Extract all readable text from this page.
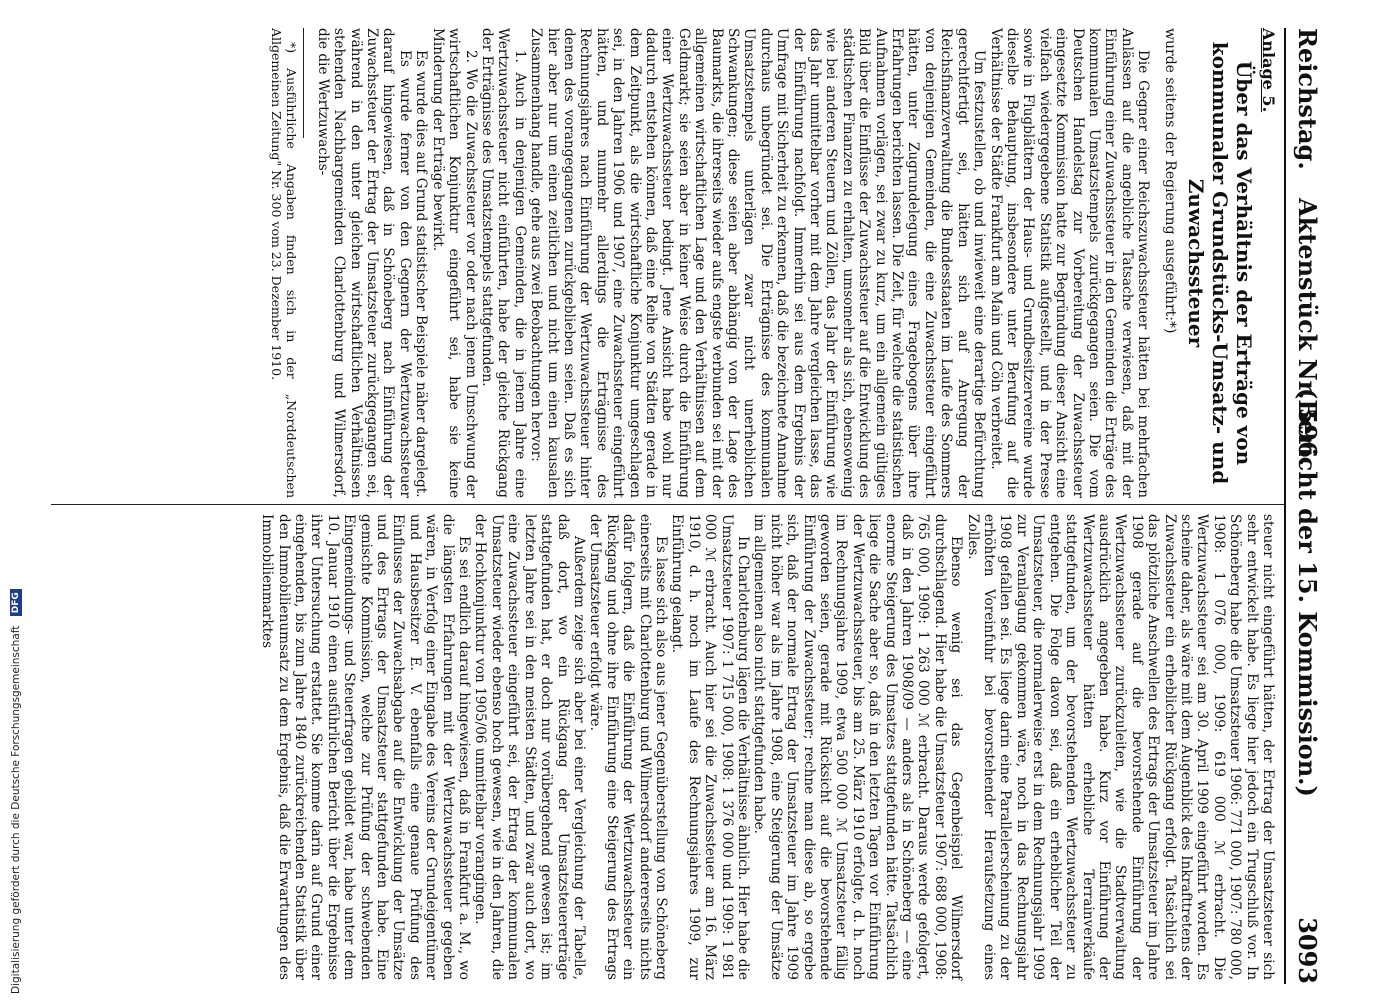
Reichstag.
Aktenstück Nr. 596.
(Bericht der 15. Kommission.)
3093

Anlage 5.

Über das Verhältnis der Erträge von kommunaler Grundstücks-Umsatz- und Zuwachssteuer

wurde seitens der Regierung ausgeführt:*)

Die Gegner einer Reichszuwachssteuer hätten bei mehrfachen Anlässen auf die angebliche Tatsache verwiesen, daß mit der Einführung einer Zuwachssteuer in den Gemeinden die Erträge des kommunalen Umsatzstempels zurückgegangen seien. Die vom Deutschen Handelstag zur Vorbereitung der Zuwachssteuer eingesetzte Kommission hatte zur Begründung dieser Ansicht eine vielfach wiedergegebene Statistik aufgestellt, und in der Presse sowie in Flugblättern der Haus- und Grundbesitzervereine wurde dieselbe Behauptung, insbesondere unter Berufung auf die Verhältnisse der Städte Frankfurt am Main und Cöln verbreitet.

Um festzustellen, ob und inwieweit eine derartige Befürchtung gerechtfertigt sei, hätten sich auf Anregung der Reichsfinanzverwaltung die Bundesstaaten im Laufe des Sommers von denjenigen Gemeinden, die eine Zuwachssteuer eingeführt hätten, unter Zugrundelegung eines Fragebogens über ihre Erfahrungen berichten lassen. Die Zeit, für welche die statistischen Aufnahmen vorlägen, sei zwar zu kurz, um ein allgemein gültiges Bild über die Einflüsse der Zuwachssteuer auf die Entwicklung des städtischen Finanzen zu erhalten, umsomehr als sich, ebensowenig wie bei anderen Steuern und Zöllen, das Jahr der Einführung wie das Jahr unmittelbar vorher mit dem Jahre vergleichen lasse, das der Einführung nachfolgt. Immerhin sei aus dem Ergebnis der Umfrage mit Sicherheit zu erkennen, daß die bezeichnete Annahme durchaus unbegründet sei. Die Erträgnisse des kommunalen Umsatzstempels unterlägen zwar nicht unerheblichen Schwankungen; diese seien aber abhängig von der Lage des Baumarkts, die ihrerseits wieder aufs engste verbunden sei mit der allgemeinen wirtschaftlichen Lage und den Verhältnissen auf dem Geldmarkt; sie seien aber in keiner Weise durch die Einführung einer Wertzuwachssteuer bedingt. Jene Ansicht habe wohl nur dadurch entstehen können, daß eine Reihe von Städten gerade in dem Zeitpunkt, als die wirtschaftliche Konjunktur umgeschlagen sei, in den Jahren 1906 und 1907, eine Zuwachssteuer eingeführt hätten, und nunmehr allerdings die Erträgnisse des Rechnungsjahres nach Einführung der Wertzuwachssteuer hinter denen des vorangegangenen zurückgeblieben seien. Daß es sich hier aber nur um einen zeitlichen und nicht um einen kausalen Zusammenhang handle, gehe aus zwei Beobachtungen hervor:

1. Auch in denjenigen Gemeinden, die in jenem Jahre eine Wertzuwachssteuer nicht einführten, habe der gleiche Rückgang der Erträgnisse des Umsatzstempels stattgefunden.

2. Wo die Zuwachssteuer vor oder nach jenem Umschwung der wirtschaftlichen Konjunktur eingeführt sei, habe sie keine Minderung der Erträge bewirkt.

Es wurde dies auf Grund statistischer Beispiele näher dargelegt.

Es wurde ferner von den Gegnern der Wertzuwachssteuer darauf hingewiesen, daß in Schöneberg nach Einführung der Zuwachssteuer der Ertrag der Umsatzsteuer zurückgegangen sei, während in den unter gleichen wirtschaftlichen Verhältnissen stehenden Nachbargemeinden Charlottenburg und Wilmersdorf, die die Wertzuwachs-

*) Ausführliche Angaben finden sich in der „Norddeutschen Allgemeinen Zeitung" Nr. 300 vom 23. Dezember 1910.

steuer nicht eingeführt hätten, der Ertrag der Umsatzsteuer sich sehr entwickelt habe. Es liege hier jedoch ein Trugschluß vor. In Schöneberg habe die Umsatzsteuer 1906: 771 000, 1907: 780 000, 1908: 1 076 000, 1909: 619 000 ℳ erbracht. Die Wertzuwachssteuer sei am 30. April 1909 eingeführt worden. Es scheine daher, als wäre mit dem Augenblick des Inkrafttretens der Zuwachssteuer ein erheblicher Rückgang erfolgt. Tatsächlich sei das plötzliche Anschwellen des Ertrags der Umsatzsteuer im Jahre 1908 gerade auf die bevorstehende Einführung der Wertzuwachssteuer zurückzuleiten, wie die Stadtverwaltung ausdrücklich angegeben habe. Kurz vor Einführung der Wertzuwachssteuer hätten erhebliche Terrainverkäufe stattgefunden, um der bevorstehenden Wertzuwachssteuer zu entgehen. Die Folge davon sei, daß ein erheblicher Teil der Umsatzsteuer, die normalerweise erst in dem Rechnungsjahr 1909 zur Veranlagung gekommen wäre, noch in das Rechnungsjahr 1908 gefallen sei. Es liege darin eine Parallelerscheinung zu der erhöhten Voreinfuhr bei bevorstehender Heraufsetzung eines Zolles.

Ebenso wenig sei das Gegenbeispiel Wilmersdorf durchschlagend. Hier habe die Umsatzsteuer 1907: 688 000, 1908: 765 000, 1909: 1 263 000 ℳ erbracht. Daraus werde gefolgert, daß in den Jahren 1908/09 — anders als in Schöneberg — eine enorme Steigerung des Umsatzes stattgefunden hätte. Tatsächlich liege die Sache aber so, daß in den letzten Tagen vor Einführung der Wertzuwachssteuer, bis am 25. März 1910 erfolgte, d. h. noch im Rechnungsjahre 1909, etwa 500 000 ℳ Umsatzsteuer fällig geworden seien, gerade mit Rücksicht auf die bevorstehende Einführung der Zuwachssteuer; rechne man diese ab, so ergebe sich, daß der normale Ertrag der Umsatzsteuer im Jahre 1909 nicht höher war als im Jahre 1908, eine Steigerung der Umsätze im allgemeinen also nicht stattgefunden habe.

In Charlottenburg lägen die Verhältnisse ähnlich. Hier habe die Umsatzsteuer 1907: 1 715 000, 1908: 1 376 000 und 1909: 1 981 000 ℳ erbracht. Auch hier sei die Zuwachssteuer am 16. März 1910, d. h. noch im Laufe des Rechnungsjahres 1909, zur Einführung gelangt.

Es lasse sich also aus jener Gegenüberstellung von Schöneberg einerseits mit Charlottenburg und Wilmersdorf andererseits nichts dafür folgern, daß die Einführung der Wertzuwachssteuer ein Rückgang und ohne ihre Einführung eine Steigerung des Ertrags der Umsatzsteuer erfolgt wäre.

Außerdem zeige sich aber bei einer Vergleichung der Tabelle, daß dort, wo ein Rückgang der Umsatzsteuererträge stattgefunden hat, er doch nur vorübergehend gewesen ist; im letzten Jahre sei in den meisten Städten, und zwar auch dort, wo eine Zuwachssteuer eingeführt sei, der Ertrag der kommunalen Umsatzsteuer wieder ebenso hoch gewesen, wie in den Jahren, die der Hochkonjunktur von 1905/06 unmittelbar vorangingen.

Es sei endlich darauf hingewiesen, daß in Frankfurt a. M., wo die längsten Erfahrungen mit der Wertzuwachssteuer gegeben wären, in Verfolg einer Eingabe des Vereins der Grundeigentümer und Hausbesitzer E. V. ebenfalls eine genaue Prüfung des Einflusses der Zuwachsabgabe auf die Entwicklung der Umsätze und des Ertrags der Umsatzsteuer stattgefunden habe. Eine gemischte Kommission, welche zur Prüfung der schwebenden Eingemeindungs- und Steuerfragen gebildet war, habe unter dem 10. Januar 1910 einen ausführlichen Bericht über die Ergebnisse ihrer Untersuchung erstattet. Sie komme darin auf Grund einer eingehenden, bis zum Jahre 1840 zurückreichenden Statistik über den Immobilienumsatz zu dem Ergebnis, daß die Erwartungen des Immobilienmarktes

Digitalisierung gefördert durch die Deutsche Forschungsgemeinschaft DFG
